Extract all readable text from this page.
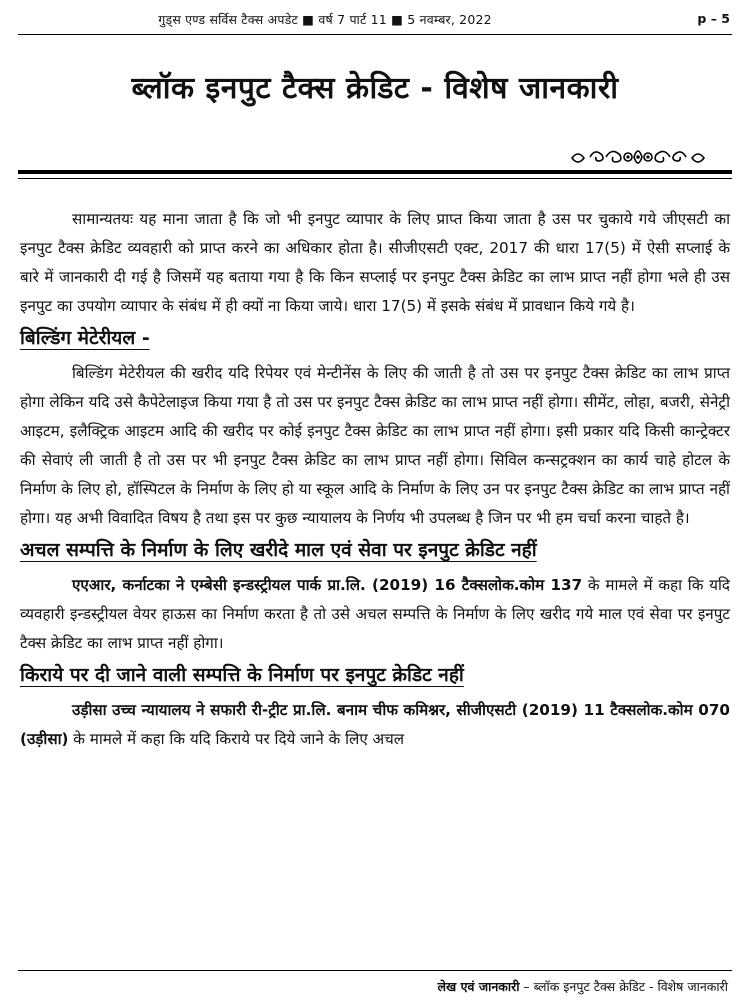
गुड्स एण्ड सर्विस टैक्स अपडेट ■ वर्ष 7 पार्ट 11 ■ 5 नवम्बर, 2022	p – 5
ब्लॉक इनपुट टैक्स क्रेडिट - विशेष जानकारी

सामान्यतयः यह माना जाता है कि जो भी इनपुट व्यापार के लिए प्राप्त किया जाता है उस पर चुकाये गये जीएसटी का इनपुट टैक्स क्रेडिट व्यवहारी को प्राप्त करने का अधिकार होता है। सीजीएसटी एक्ट, 2017 की धारा 17(5) में ऐसी सप्लाई के बारे में जानकारी दी गई है जिसमें यह बताया गया है कि किन सप्लाई पर इनपुट टैक्स क्रेडिट का लाभ प्राप्त नहीं होगा भले ही उस इनपुट का उपयोग व्यापार के संबंध में ही क्यों ना किया जाये। धारा 17(5) में इसके संबंध में प्रावधान किये गये है।

बिल्डिंग मेटेरीयल -

बिल्डिंग मेटेरीयल की खरीद यदि रिपेयर एवं मेन्टीनेंस के लिए की जाती है तो उस पर इनपुट टैक्स क्रेडिट का लाभ प्राप्त होगा लेकिन यदि उसे कैपेटेलाइज किया गया है तो उस पर इनपुट टैक्स क्रेडिट का लाभ प्राप्त नहीं होगा। सीमेंट, लोहा, बजरी, सेनेट्री आइटम, इलैक्ट्रिक आइटम आदि की खरीद पर कोई इनपुट टैक्स क्रेडिट का लाभ प्राप्त नहीं होगा। इसी प्रकार यदि किसी कान्ट्रेक्टर की सेवाएं ली जाती है तो उस पर भी इनपुट टैक्स क्रेडिट का लाभ प्राप्त नहीं होगा। सिविल कन्सट्रक्शन का कार्य चाहे होटल के निर्माण के लिए हो, हॉस्पिटल के निर्माण के लिए हो या स्कूल आदि के निर्माण के लिए उन पर इनपुट टैक्स क्रेडिट का लाभ प्राप्त नहीं होगा। यह अभी विवादित विषय है तथा इस पर कुछ न्यायालय के निर्णय भी उपलब्ध है जिन पर भी हम चर्चा करना चाहते है।

अचल सम्पत्ति के निर्माण के लिए खरीदे माल एवं सेवा पर इनपुट क्रेडिट नहीं

एएआर, कर्नाटका ने एम्बेसी इन्डस्ट्रीयल पार्क प्रा.लि. (2019) 16 टैक्सलोक.कोम 137 के मामले में कहा कि यदि व्यवहारी इन्डस्ट्रीयल वेयर हाऊस का निर्माण करता है तो उसे अचल सम्पत्ति के निर्माण के लिए खरीद गये माल एवं सेवा पर इनपुट टैक्स क्रेडिट का लाभ प्राप्त नहीं होगा।

किराये पर दी जाने वाली सम्पत्ति के निर्माण पर इनपुट क्रेडिट नहीं

उड़ीसा उच्च न्यायालय ने सफारी री-ट्रीट प्रा.लि. बनाम चीफ कमिश्नर, सीजीएसटी (2019) 11 टैक्सलोक.कोम 070 (उड़ीसा) के मामले में कहा कि यदि किराये पर दिये जाने के लिए अचल

लेख एवं जानकारी – ब्लॉक इनपुट टैक्स क्रेडिट - विशेष जानकारी
